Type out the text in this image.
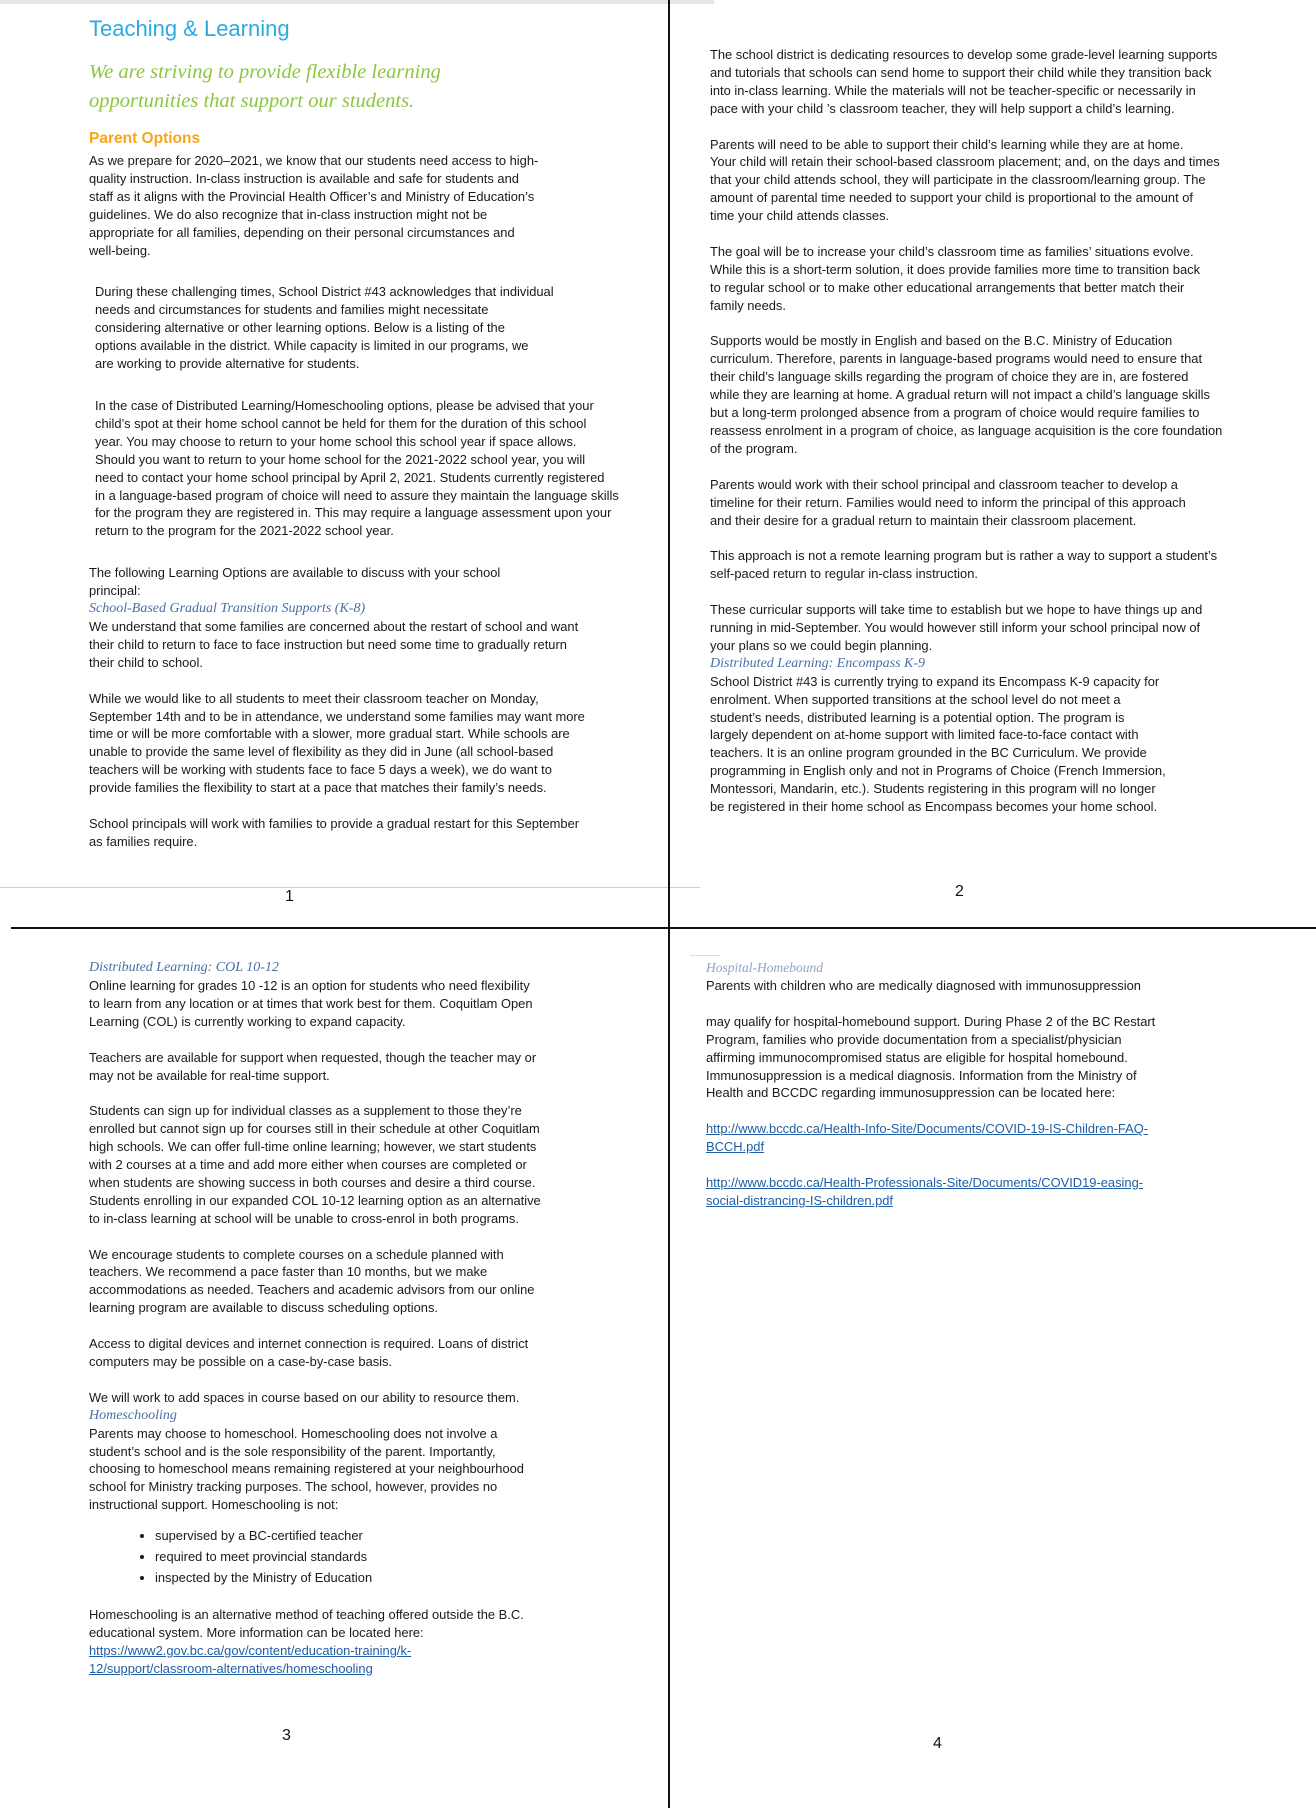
Teaching & Learning
We are striving to provide flexible learning
opportunities that support our students.
Parent Options

As we prepare for 2020–2021, we know that our students need access to high-
quality instruction. In-class instruction is available and safe for students and
staff as it aligns with the Provincial Health Officer’s and Ministry of Education’s
guidelines. We do also recognize that in-class instruction might not be
appropriate for all families, depending on their personal circumstances and
well-being.

During these challenging times, School District #43 acknowledges that individual
needs and circumstances for students and families might necessitate
considering alternative or other learning options. Below is a listing of the
options available in the district. While capacity is limited in our programs, we
are working to provide alternative for students.

In the case of Distributed Learning/Homeschooling options, please be advised that your
child’s spot at their home school cannot be held for them for the duration of this school
year. You may choose to return to your home school this school year if space allows.
Should you want to return to your home school for the 2021-2022 school year, you will
need to contact your home school principal by April 2, 2021. Students currently registered
in a language-based program of choice will need to assure they maintain the language skills
for the program they are registered in. This may require a language assessment upon your
return to the program for the 2021-2022 school year.

The following Learning Options are available to discuss with your school
principal:

School-Based Gradual Transition Supports (K-8)

We understand that some families are concerned about the restart of school and want
their child to return to face to face instruction but need some time to gradually return
their child to school.

While we would like to all students to meet their classroom teacher on Monday,
September 14th and to be in attendance, we understand some families may want more
time or will be more comfortable with a slower, more gradual start. While schools are
unable to provide the same level of flexibility as they did in June (all school-based
teachers will be working with students face to face 5 days a week), we do want to
provide families the flexibility to start at a pace that matches their family’s needs.

School principals will work with families to provide a gradual restart for this September
as families require.

1

The school district is dedicating resources to develop some grade-level learning supports
and tutorials that schools can send home to support their child while they transition back
into in-class learning. While the materials will not be teacher-specific or necessarily in
pace with your child ’s classroom teacher, they will help support a child’s learning.

Parents will need to be able to support their child’s learning while they are at home.
Your child will retain their school-based classroom placement; and, on the days and times
that your child attends school, they will participate in the classroom/learning group. The
amount of parental time needed to support your child is proportional to the amount of
time your child attends classes.

The goal will be to increase your child’s classroom time as families’ situations evolve.
While this is a short-term solution, it does provide families more time to transition back
to regular school or to make other educational arrangements that better match their
family needs.

Supports would be mostly in English and based on the B.C. Ministry of Education
curriculum. Therefore, parents in language-based programs would need to ensure that
their child’s language skills regarding the program of choice they are in, are fostered
while they are learning at home. A gradual return will not impact a child’s language skills
but a long-term prolonged absence from a program of choice would require families to
reassess enrolment in a program of choice, as language acquisition is the core foundation
of the program.

Parents would work with their school principal and classroom teacher to develop a
timeline for their return. Families would need to inform the principal of this approach
and their desire for a gradual return to maintain their classroom placement.

This approach is not a remote learning program but is rather a way to support a student’s
self-paced return to regular in-class instruction.

These curricular supports will take time to establish but we hope to have things up and
running in mid-September. You would however still inform your school principal now of
your plans so we could begin planning.

Distributed Learning: Encompass K-9

School District #43 is currently trying to expand its Encompass K-9 capacity for
enrolment. When supported transitions at the school level do not meet a
student’s needs, distributed learning is a potential option. The program is
largely dependent on at-home support with limited face-to-face contact with
teachers. It is an online program grounded in the BC Curriculum. We provide
programming in English only and not in Programs of Choice (French Immersion,
Montessori, Mandarin, etc.). Students registering in this program will no longer
be registered in their home school as Encompass becomes your home school.

2
Distributed Learning: COL 10-12

Online learning for grades 10 -12 is an option for students who need flexibility
to learn from any location or at times that work best for them. Coquitlam Open
Learning (COL) is currently working to expand capacity.

Teachers are available for support when requested, though the teacher may or
may not be available for real-time support.

Students can sign up for individual classes as a supplement to those they’re
enrolled but cannot sign up for courses still in their schedule at other Coquitlam
high schools. We can offer full-time online learning; however, we start students
with 2 courses at a time and add more either when courses are completed or
when students are showing success in both courses and desire a third course.
Students enrolling in our expanded COL 10-12 learning option as an alternative
to in-class learning at school will be unable to cross-enrol in both programs.

We encourage students to complete courses on a schedule planned with
teachers. We recommend a pace faster than 10 months, but we make
accommodations as needed. Teachers and academic advisors from our online
learning program are available to discuss scheduling options.

Access to digital devices and internet connection is required. Loans of district
computers may be possible on a case-by-case basis.

We will work to add spaces in course based on our ability to resource them.

Homeschooling

Parents may choose to homeschool. Homeschooling does not involve a
student’s school and is the sole responsibility of the parent. Importantly,
choosing to homeschool means remaining registered at your neighbourhood
school for Ministry tracking purposes. The school, however, provides no
instructional support. Homeschooling is not:

• supervised by a BC-certified teacher
• required to meet provincial standards
• inspected by the Ministry of Education

Homeschooling is an alternative method of teaching offered outside the B.C.
educational system. More information can be located here:

https://www2.gov.bc.ca/gov/content/education-training/k-
12/support/classroom-alternatives/homeschooling
3
Hospital-Homebound

Parents with children who are medically diagnosed with immunosuppression

may qualify for hospital-homebound support. During Phase 2 of the BC Restart
Program, families who provide documentation from a specialist/physician
affirming immunocompromised status are eligible for hospital homebound.
Immunosuppression is a medical diagnosis. Information from the Ministry of
Health and BCCDC regarding immunosuppression can be located here:

http://www.bccdc.ca/Health-Info-Site/Documents/COVID-19-IS-Children-FAQ-
BCCH.pdf
http://www.bccdc.ca/Health-Professionals-Site/Documents/COVID19-easing-
social-distrancing-IS-children.pdf
4
